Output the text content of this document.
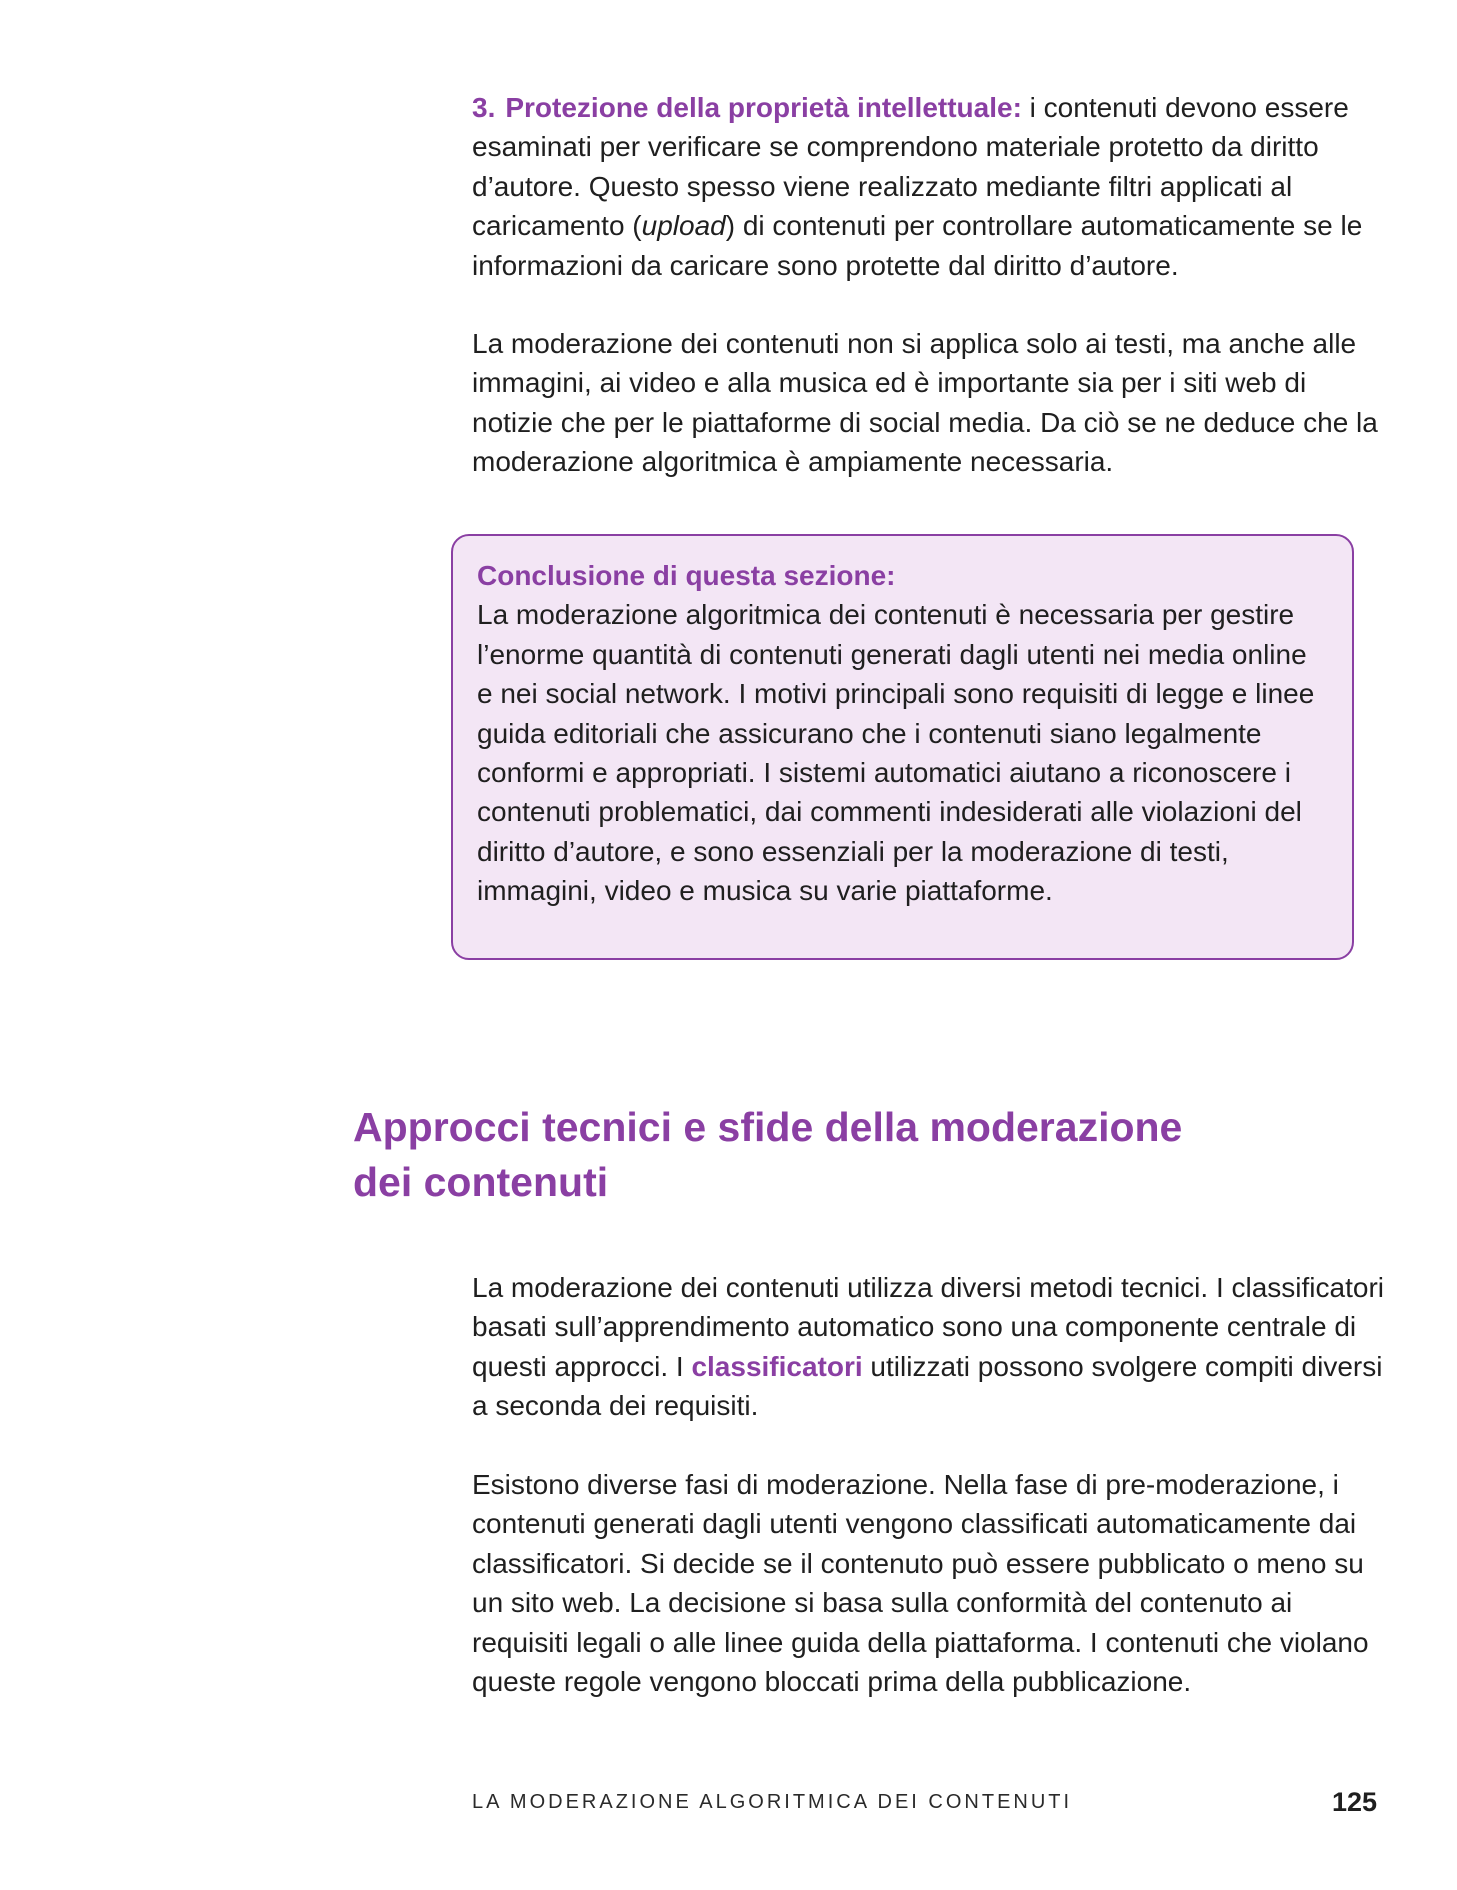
3. Protezione della proprietà intellettuale: i contenuti devono essere esaminati per verificare se comprendono materiale protetto da diritto d’autore. Questo spesso viene realizzato mediante filtri applicati al caricamento (upload) di contenuti per controllare automaticamente se le informazioni da caricare sono protette dal diritto d’autore.

La moderazione dei contenuti non si applica solo ai testi, ma anche alle immagini, ai video e alla musica ed è importante sia per i siti web di notizie che per le piattaforme di social media. Da ciò se ne deduce che la moderazione algoritmica è ampiamente necessaria.

Conclusione di questa sezione:
La moderazione algoritmica dei contenuti è necessaria per gestire l’enorme quantità di contenuti generati dagli utenti nei media online e nei social network. I motivi principali sono requisiti di legge e linee guida editoriali che assicurano che i contenuti siano legalmente conformi e appropriati. I sistemi automatici aiutano a riconoscere i contenuti problematici, dai commenti indesiderati alle violazioni del diritto d’autore, e sono essenziali per la moderazione di testi, immagini, video e musica su varie piattaforme.
Approcci tecnici e sfide della moderazione
dei contenuti

La moderazione dei contenuti utilizza diversi metodi tecnici. I classificatori basati sull’apprendimento automatico sono una componente centrale di questi approcci. I classificatori utilizzati possono svolgere compiti diversi a seconda dei requisiti.

Esistono diverse fasi di moderazione. Nella fase di pre-moderazione, i contenuti generati dagli utenti vengono classificati automaticamente dai classificatori. Si decide se il contenuto può essere pubblicato o meno su un sito web. La decisione si basa sulla conformità del contenuto ai requisiti legali o alle linee guida della piattaforma. I contenuti che violano queste regole vengono bloccati prima della pubblicazione.

LA MODERAZIONE ALGORITMICA DEI CONTENUTI	125
